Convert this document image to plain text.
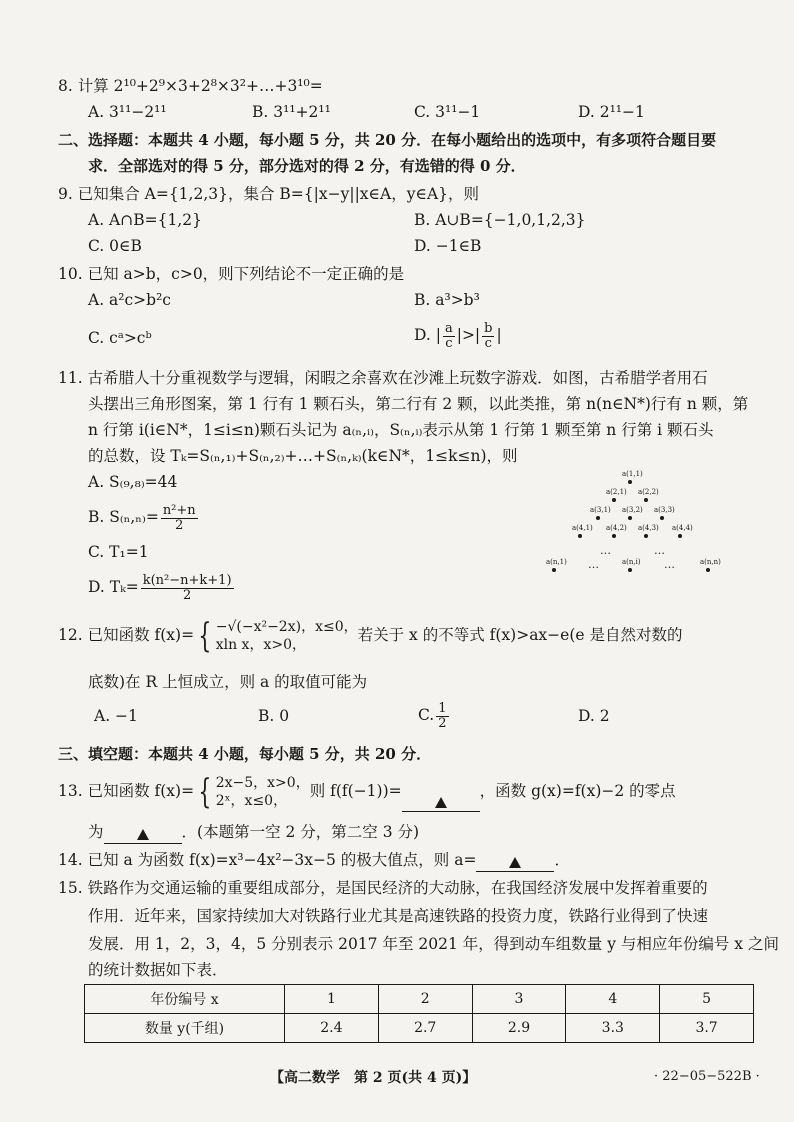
8. 计算 2¹⁰+2⁹×3+2⁸×3²+…+3¹⁰=
A. 3¹¹−2¹¹	B. 3¹¹+2¹¹	C. 3¹¹−1	D. 2¹¹−1
二、选择题：本题共 4 小题，每小题 5 分，共 20 分．在每小题给出的选项中，有多项符合题目要
求．全部选对的得 5 分，部分选对的得 2 分，有选错的得 0 分．
9. 已知集合 A={1,2,3}，集合 B={|x−y||x∈A，y∈A}，则
A. A∩B={1,2}	B. A∪B={−1,0,1,2,3}
C. 0∈B	D. −1∈B
10. 已知 a>b，c>0，则下列结论不一定正确的是
A. a²c>b²c	B. a³>b³
C. cᵃ>cᵇ	D. | $\frac{a}{c}$ |>| $\frac{b}{c}$ |
11. 古希腊人十分重视数学与逻辑，闲暇之余喜欢在沙滩上玩数字游戏．如图，古希腊学者用石
头摆出三角形图案，第 1 行有 1 颗石头，第二行有 2 颗，以此类推，第 n(n∈N*)行有 n 颗，第
n 行第 i(i∈N*，1≤i≤n)颗石头记为 a₍ₙ,ᵢ₎，S₍ₙ,ᵢ₎表示从第 1 行第 1 颗至第 n 行第 i 颗石头
的总数，设 Tₖ=S₍ₙ,₁₎+S₍ₙ,₂₎+…+S₍ₙ,ₖ₎(k∈N*，1≤k≤n)，则
A. S₍₉,₈₎=44
B. $S_{(n},_{n)}= \frac{\text{n²+n}}{2}$
C. T₁=1
D. $T_k= \frac{\text{k(n²−n+k+1)}}{2}$
a(1,1)
a(2,1) a(2,2)
a(3,1) a(3,2) a(3,3)
a(4,1) a(4,2) a(4,3) a(4,4)
…	…
a(n,1) …	a(n,i) …	a(n,n)
12. 已知函数 f(x)= { −√(−x²−2x)，x≤0，
xln x，x>0，
若关于 x 的不等式 f(x)>ax−e(e 是自然对数的
底数)在 R 上恒成立，则 a 的取值可能为
A. −1	B. 0	C. $\frac{1}{2}$	D. 2
三、填空题：本题共 4 小题，每小题 5 分，共 20 分．
13. 已知函数 f(x)= { 2x−5，x>0，
2ˣ，x≤0，
则 f(f(−1))=	，函数 g(x)=f(x)−2 的零点
为	．(本题第一空 2 分，第二空 3 分)
14. 已知 a 为函数 f(x)=x³−4x²−3x−5 的极大值点，则 a=	．
15. 铁路作为交通运输的重要组成部分，是国民经济的大动脉，在我国经济发展中发挥着重要的
作用．近年来，国家持续加大对铁路行业尤其是高速铁路的投资力度，铁路行业得到了快速
发展．用 1，2，3，4，5 分别表示 2017 年至 2021 年，得到动车组数量 y 与相应年份编号 x 之间
的统计数据如下表．
年份编号 x	1	2	3	4	5
数量 y(千组)	2.4	2.7	2.9	3.3	3.7
【高二数学　第 2 页(共 4 页)】	· 22−05−522B ·
